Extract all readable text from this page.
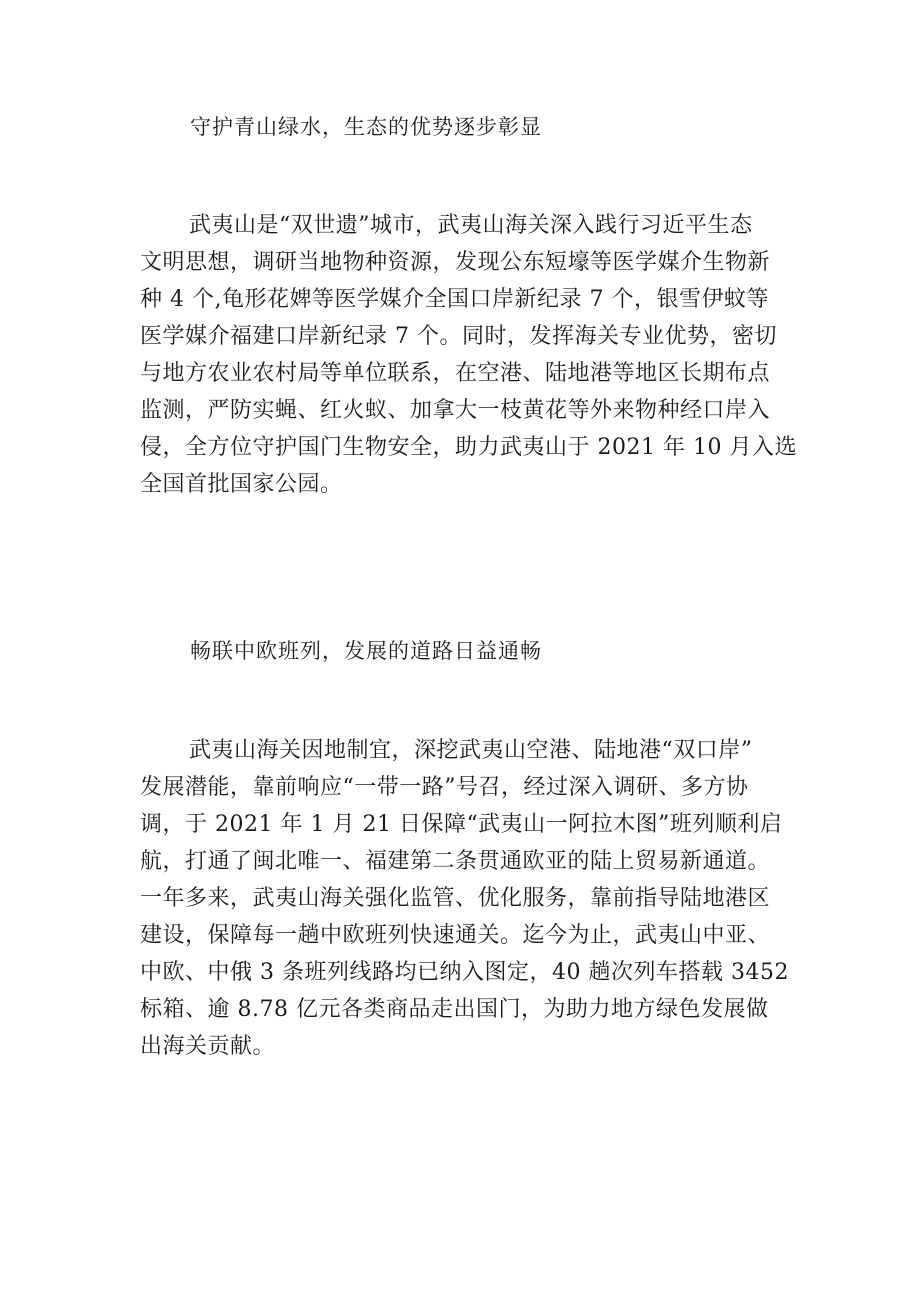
守护青山绿水，生态的优势逐步彰显
武夷山是“双世遗”城市，武夷山海关深入践行习近平生态
文明思想，调研当地物种资源，发现公东短壕等医学媒介生物新
种 4 个,龟形花婢等医学媒介全国口岸新纪录 7 个，银雪伊蚊等
医学媒介福建口岸新纪录 7 个。同时，发挥海关专业优势，密切
与地方农业农村局等单位联系，在空港、陆地港等地区长期布点
监测，严防实蝇、红火蚁、加拿大一枝黄花等外来物种经口岸入
侵，全方位守护国门生物安全，助力武夷山于 2021 年 10 月入选
全国首批国家公园。
畅联中欧班列，发展的道路日益通畅
武夷山海关因地制宜，深挖武夷山空港、陆地港“双口岸”
发展潜能，靠前响应“一带一路”号召，经过深入调研、多方协
调，于 2021 年 1 月 21 日保障“武夷山一阿拉木图”班列顺利启
航，打通了闽北唯一、福建第二条贯通欧亚的陆上贸易新通道。
一年多来，武夷山海关强化监管、优化服务，靠前指导陆地港区
建设，保障每一趟中欧班列快速通关。迄今为止，武夷山中亚、
中欧、中俄 3 条班列线路均已纳入图定，40 趟次列车搭载 3452
标箱、逾 8.78 亿元各类商品走出国门，为助力地方绿色发展做
出海关贡献。
